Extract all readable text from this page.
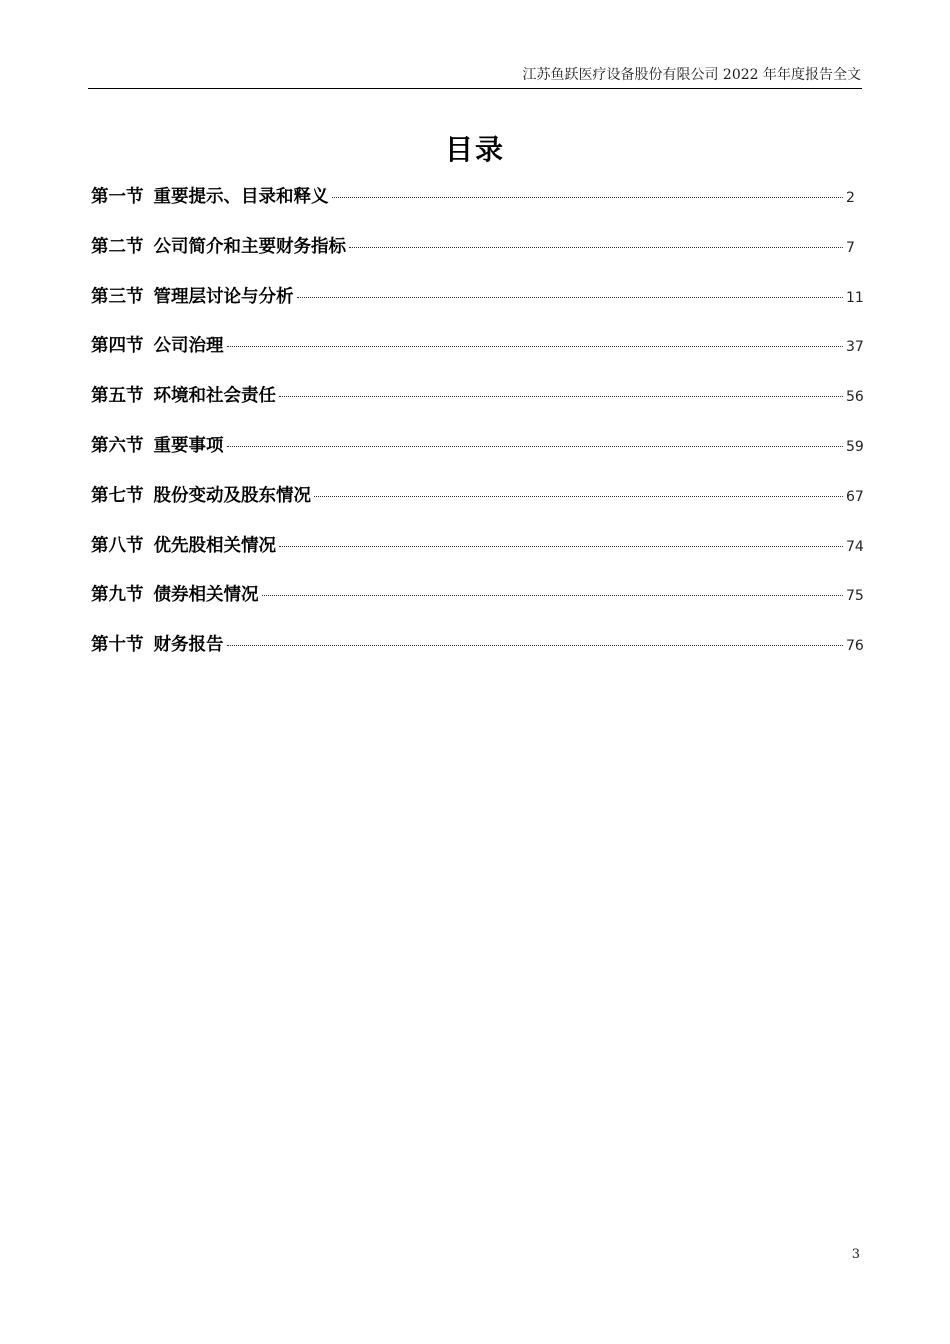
江苏鱼跃医疗设备股份有限公司 2022 年年度报告全文
目录
第一节 重要提示、目录和释义	2
第二节 公司简介和主要财务指标	7
第三节 管理层讨论与分析	11
第四节 公司治理	37
第五节 环境和社会责任	56
第六节 重要事项	59
第七节 股份变动及股东情况	67
第八节 优先股相关情况	74
第九节 债券相关情况	75
第十节 财务报告	76
3
